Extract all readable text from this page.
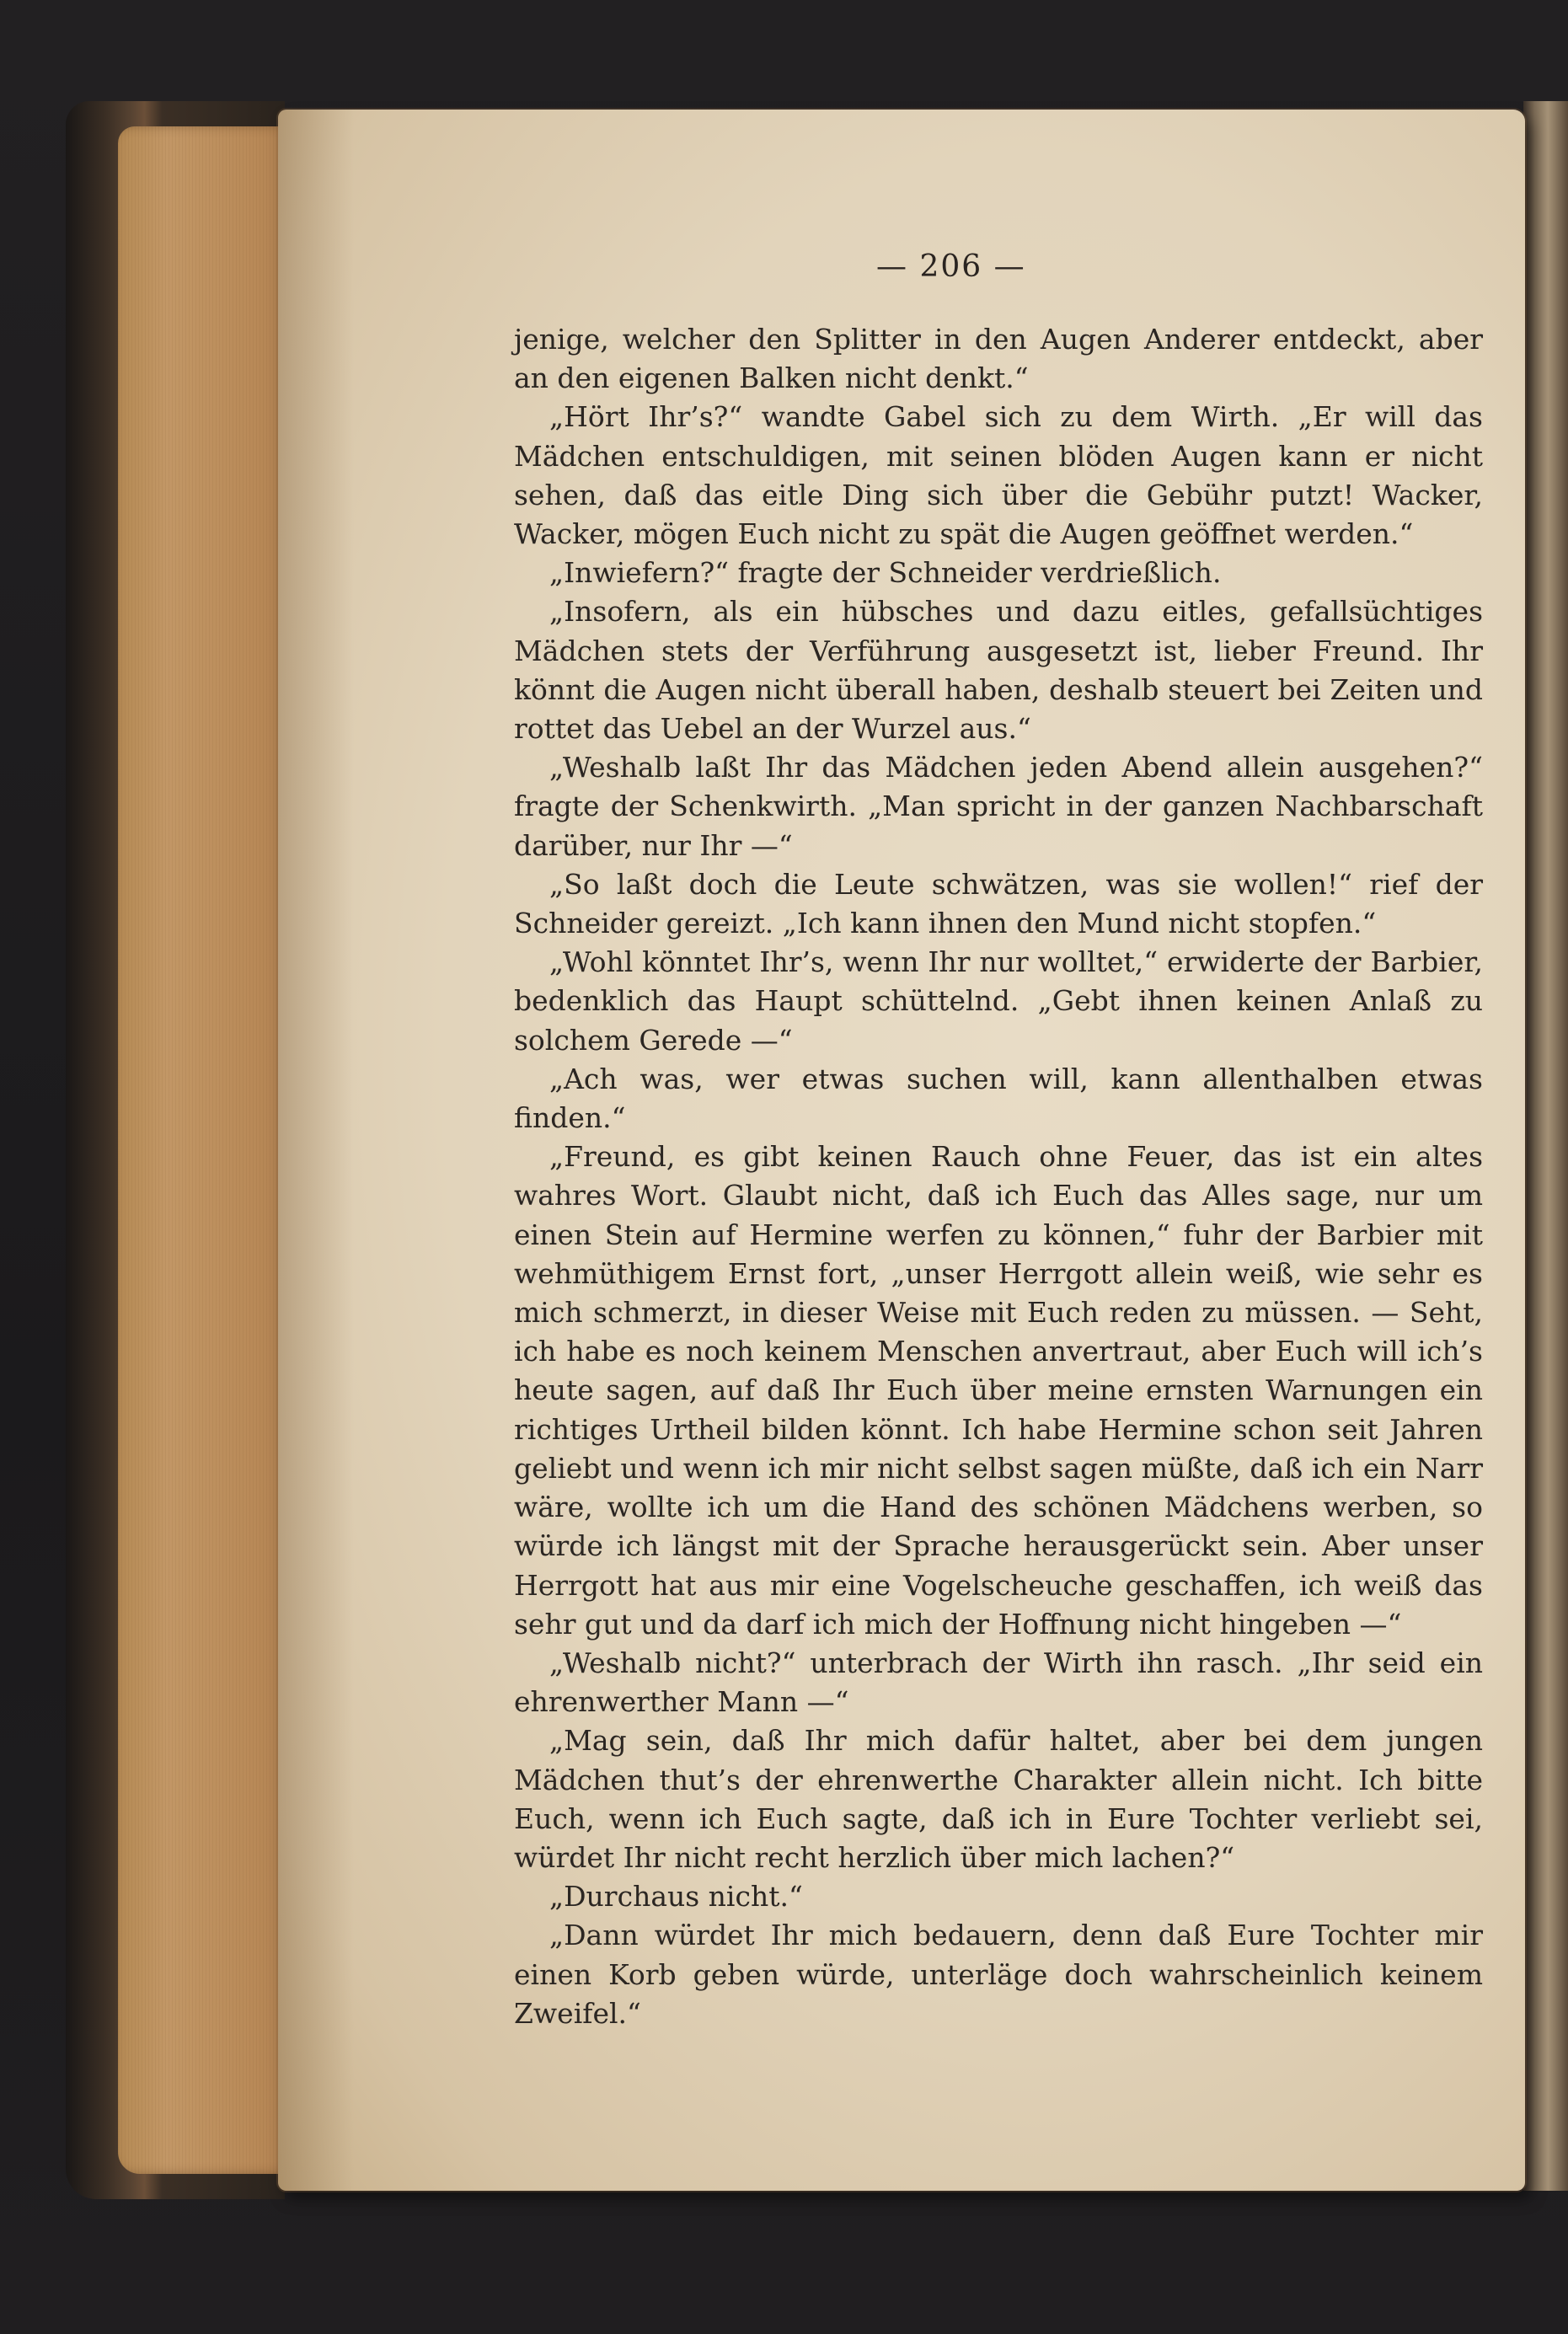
— 206 —

jenige, welcher den Splitter in den Augen Anderer entdeckt, aber an den eigenen Balken nicht denkt.“

„Hört Ihr’s?“ wandte Gabel sich zu dem Wirth. „Er will das Mädchen entschuldigen, mit seinen blöden Augen kann er nicht sehen, daß das eitle Ding sich über die Gebühr putzt! Wacker, Wacker, mögen Euch nicht zu spät die Augen geöffnet werden.“

„Inwiefern?“ fragte der Schneider verdrießlich.

„Insofern, als ein hübsches und dazu eitles, gefallsüchtiges Mädchen stets der Verführung ausgesetzt ist, lieber Freund. Ihr könnt die Augen nicht überall haben, deshalb steuert bei Zeiten und rottet das Uebel an der Wurzel aus.“

„Weshalb laßt Ihr das Mädchen jeden Abend allein ausgehen?“ fragte der Schenkwirth. „Man spricht in der ganzen Nachbarschaft darüber, nur Ihr —“

„So laßt doch die Leute schwätzen, was sie wollen!“ rief der Schneider gereizt. „Ich kann ihnen den Mund nicht stopfen.“

„Wohl könntet Ihr’s, wenn Ihr nur wolltet,“ erwiderte der Barbier, bedenklich das Haupt schüttelnd. „Gebt ihnen keinen Anlaß zu solchem Gerede —“

„Ach was, wer etwas suchen will, kann allenthalben etwas finden.“

„Freund, es gibt keinen Rauch ohne Feuer, das ist ein altes wahres Wort. Glaubt nicht, daß ich Euch das Alles sage, nur um einen Stein auf Hermine werfen zu können,“ fuhr der Barbier mit wehmüthigem Ernst fort, „unser Herrgott allein weiß, wie sehr es mich schmerzt, in dieser Weise mit Euch reden zu müssen. — Seht, ich habe es noch keinem Menschen anvertraut, aber Euch will ich’s heute sagen, auf daß Ihr Euch über meine ernsten Warnungen ein richtiges Urtheil bilden könnt. Ich habe Hermine schon seit Jahren geliebt und wenn ich mir nicht selbst sagen müßte, daß ich ein Narr wäre, wollte ich um die Hand des schönen Mädchens werben, so würde ich längst mit der Sprache herausgerückt sein. Aber unser Herrgott hat aus mir eine Vogelscheuche geschaffen, ich weiß das sehr gut und da darf ich mich der Hoffnung nicht hingeben —“

„Weshalb nicht?“ unterbrach der Wirth ihn rasch. „Ihr seid ein ehrenwerther Mann —“

„Mag sein, daß Ihr mich dafür haltet, aber bei dem jungen Mädchen thut’s der ehrenwerthe Charakter allein nicht. Ich bitte Euch, wenn ich Euch sagte, daß ich in Eure Tochter verliebt sei, würdet Ihr nicht recht herzlich über mich lachen?“

„Durchaus nicht.“

„Dann würdet Ihr mich bedauern, denn daß Eure Tochter mir einen Korb geben würde, unterläge doch wahrscheinlich keinem Zweifel.“
